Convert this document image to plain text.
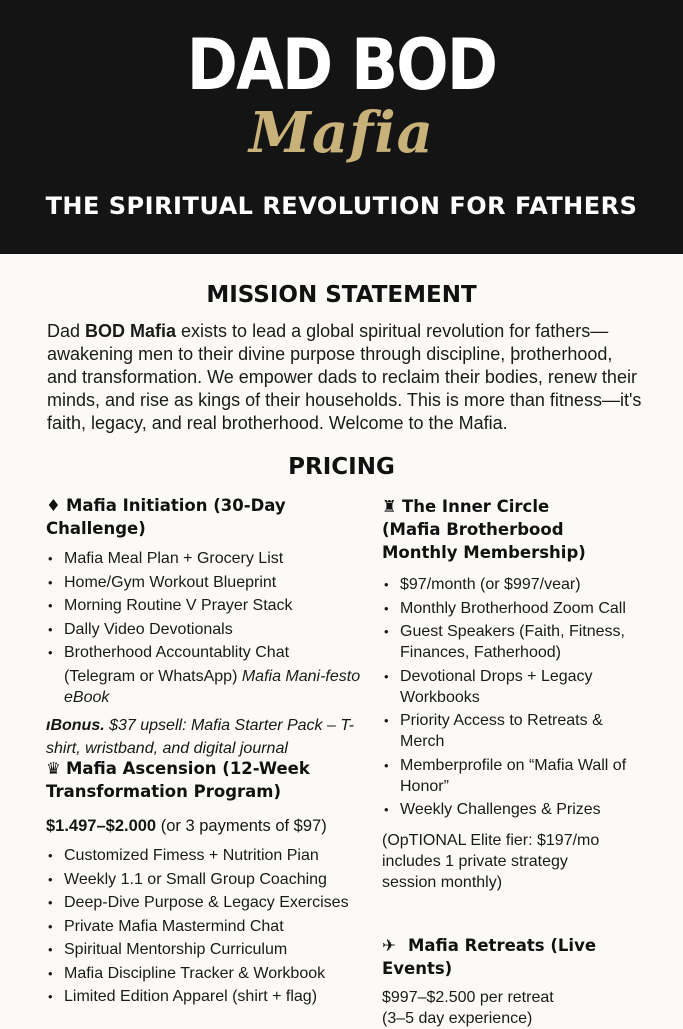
DAD BOD
Mafia
THE SPIRITUAL REVOLUTION FOR FATHERS
MISSION STATEMENT
Dad BOD Mafia exists to lead a global spiritual revolution for fathers—awakening men to their divine purpose through discipline, þrotherhood, and transformation. We empower dads to reclaim their bodies, renew their minds, and rise as kings of their households. This is more than fitness—it's faith, legacy, and real brotherhood. Welcome to the Mafia.
PRICING
♦ Mafia Initiation (30-Day Challenge)
• Mafia Meal Plan + Grocery List
• Home/Gym Workout Blueprint
• Morning Routine V Prayer Stack
• Dally Video Devotionals
• Brotherhood Accountablity Chat
(Telegram or WhatsApp) Mafia Mani-festo eBook
ıBonus. $37 upsell: Mafia Starter Pack – T-shirt, wristband, and digital journal
♛ Mafia Ascension (12-Week Transformation Program)
$1.497–$2.000 (or 3 payments of $97)
• Customized Fimess + Nutrition Pian
• Weekly 1.1 or Small Group Coaching
• Deep-Dive Purpose & Legacy Exercises
• Private Mafia Mastermind Chat
• Spiritual Mentorship Curriculum
• Mafia Discipline Tracker & Workbook
• Limited Edition Apparel (shirt + flag)
♜ The Inner Circle (Mafia Brotherbood Monthly Membership)
• $97/month (or $997/vear)
• Monthly Brotherhood Zoom Call
• Guest Speakers (Faith, Fitness, Finances, Fatherhood)
• Devotional Drops + Legacy Workbooks
• Priority Access to Retreats & Merch
• Memberprofile on “Mafia Wall of Honor”
• Weekly Challenges & Prizes
(OpTIONAL Elite fier: $197/mo includes 1 private strategy session monthly)
✈ Mafia Retreats (Live Events)
$997–$2.500 per retreat
(3–5 day experience)
